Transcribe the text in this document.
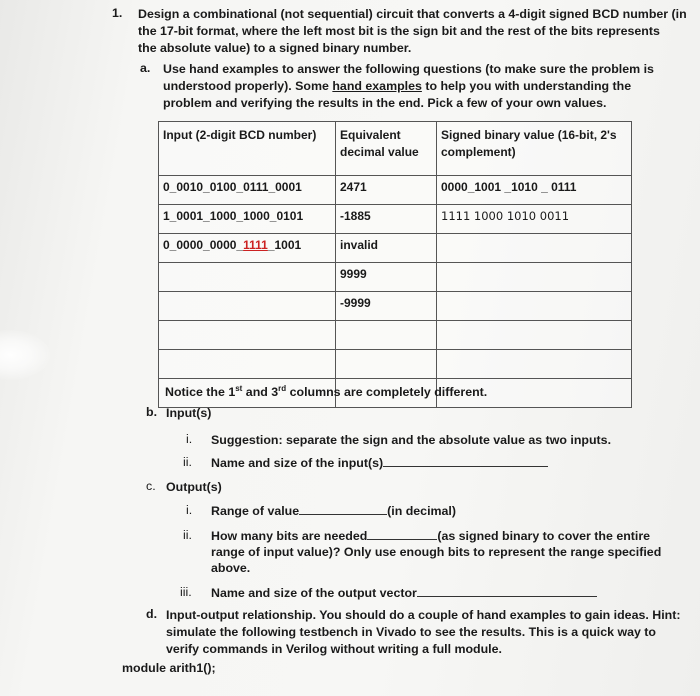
1. Design a combinational (not sequential) circuit that converts a 4-digit signed BCD number (in
the 17-bit format, where the left most bit is the sign bit and the rest of the bits represents
the absolute value) to a signed binary number.
a. Use hand examples to answer the following questions (to make sure the problem is
understood properly). Some hand examples to help you with understanding the
problem and verifying the results in the end. Pick a few of your own values.
Input (2-digit BCD number)	Equivalent decimal value	Signed binary value (16-bit, 2's complement)
0_0010_0100_0111_0001	2471	0000_1001 _1010 _ 0111
1_0001_1000_1000_0101	-1885	1111 1000 1010 0011
0_0000_0000_1111_1001	invalid	
	9999	
	-9999	

Notice the 1st and 3rd columns are completely different.
b. Input(s)
i. Suggestion: separate the sign and the absolute value as two inputs.
ii. Name and size of the input(s)
c. Output(s)
i. Range of value	(in decimal)
ii. How many bits are needed	(as signed binary to cover the entire
range of input value)? Only use enough bits to represent the range specified
above.
iii. Name and size of the output vector
d. Input-output relationship. You should do a couple of hand examples to gain ideas. Hint:
simulate the following testbench in Vivado to see the results. This is a quick way to
verify commands in Verilog without writing a full module.
module arith1();
